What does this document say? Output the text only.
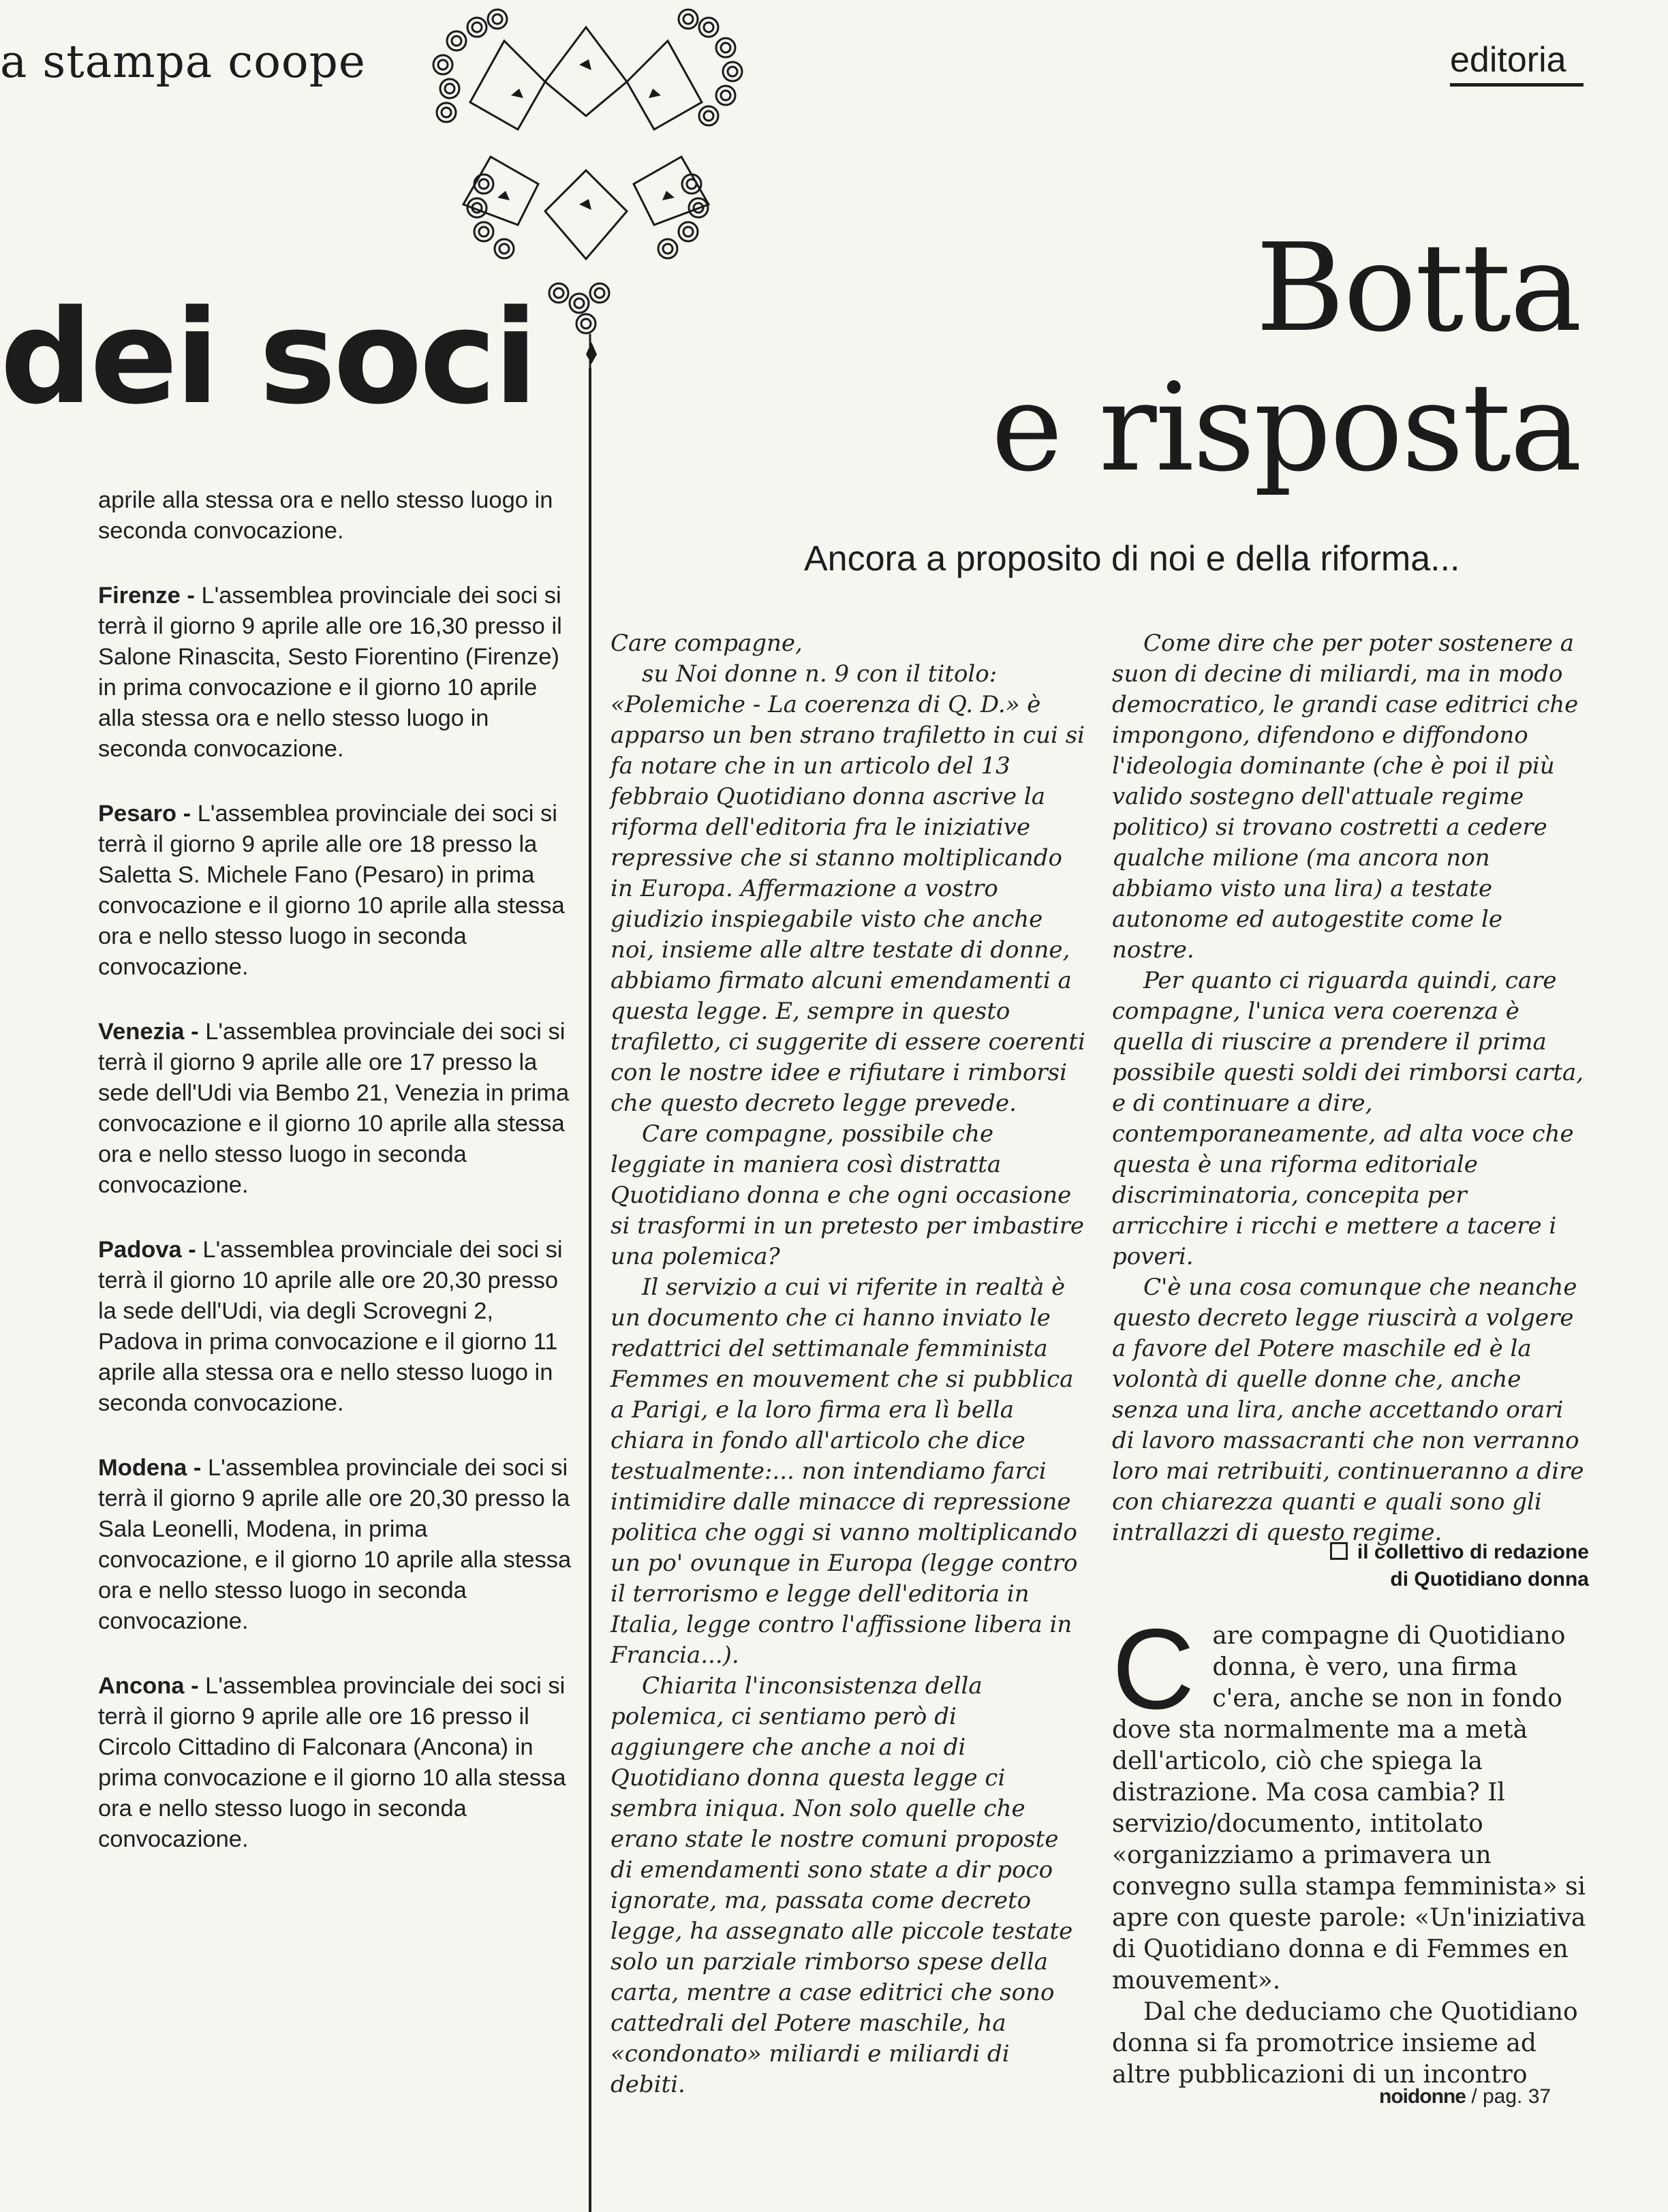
a stampa coope
dei soci
editoria
Botta
e risposta
Ancora a proposito di noi e della riforma...

aprile alla stessa ora e nello stesso luogo in seconda convocazione.

Firenze - L'assemblea provinciale dei soci si terrà il giorno 9 aprile alle ore 16,30 presso il Salone Rinascita, Sesto Fiorentino (Firenze) in prima convocazione e il giorno 10 aprile alla stessa ora e nello stesso luogo in seconda convocazione.

Pesaro - L'assemblea provinciale dei soci si terrà il giorno 9 aprile alle ore 18 presso la Saletta S. Michele Fano (Pesaro) in prima convocazione e il giorno 10 aprile alla stessa ora e nello stesso luogo in seconda convocazione.

Venezia - L'assemblea provinciale dei soci si terrà il giorno 9 aprile alle ore 17 presso la sede dell'Udi via Bembo 21, Venezia in prima convocazione e il giorno 10 aprile alla stessa ora e nello stesso luogo in seconda convocazione.

Padova - L'assemblea provinciale dei soci si terrà il giorno 10 aprile alle ore 20,30 presso la sede dell'Udi, via degli Scrovegni 2, Padova in prima convocazione e il giorno 11 aprile alla stessa ora e nello stesso luogo in seconda convocazione.

Modena - L'assemblea provinciale dei soci si terrà il giorno 9 aprile alle ore 20,30 presso la Sala Leonelli, Modena, in prima convocazione, e il giorno 10 aprile alla stessa ora e nello stesso luogo in seconda convocazione.

Ancona - L'assemblea provinciale dei soci si terrà il giorno 9 aprile alle ore 16 presso il Circolo Cittadino di Falconara (Ancona) in prima convocazione e il giorno 10 alla stessa ora e nello stesso luogo in seconda convocazione.

Care compagne,

su Noi donne n. 9 con il titolo: «Polemiche - La coerenza di Q. D.» è apparso un ben strano trafiletto in cui si fa notare che in un articolo del 13 febbraio Quotidiano donna ascrive la riforma dell'editoria fra le iniziative repressive che si stanno moltiplicando in Europa. Affermazione a vostro giudizio inspiegabile visto che anche noi, insieme alle altre testate di donne, abbiamo firmato alcuni emendamenti a questa legge. E, sempre in questo trafiletto, ci suggerite di essere coerenti con le nostre idee e rifiutare i rimborsi che questo decreto legge prevede.

Care compagne, possibile che leggiate in maniera così distratta Quotidiano donna e che ogni occasione si trasformi in un pretesto per imbastire una polemica?

Il servizio a cui vi riferite in realtà è un documento che ci hanno inviato le redattrici del settimanale femminista Femmes en mouvement che si pubblica a Parigi, e la loro firma era lì bella chiara in fondo all'articolo che dice testualmente:... non intendiamo farci intimidire dalle minacce di repressione politica che oggi si vanno moltiplicando un po' ovunque in Europa (legge contro il terrorismo e legge dell'editoria in Italia, legge contro l'affissione libera in Francia...).

Chiarita l'inconsistenza della polemica, ci sentiamo però di aggiungere che anche a noi di Quotidiano donna questa legge ci sembra iniqua. Non solo quelle che erano state le nostre comuni proposte di emendamenti sono state a dir poco ignorate, ma, passata come decreto legge, ha assegnato alle piccole testate solo un parziale rimborso spese della carta, mentre a case editrici che sono cattedrali del Potere maschile, ha «condonato» miliardi e miliardi di debiti.

Come dire che per poter sostenere a suon di decine di miliardi, ma in modo democratico, le grandi case editrici che impongono, difendono e diffondono l'ideologia dominante (che è poi il più valido sostegno dell'attuale regime politico) si trovano costretti a cedere qualche milione (ma ancora non abbiamo visto una lira) a testate autonome ed autogestite come le nostre.

Per quanto ci riguarda quindi, care compagne, l'unica vera coerenza è quella di riuscire a prendere il prima possibile questi soldi dei rimborsi carta, e di continuare a dire, contemporaneamente, ad alta voce che questa è una riforma editoriale discriminatoria, concepita per arricchire i ricchi e mettere a tacere i poveri.

C'è una cosa comunque che neanche questo decreto legge riuscirà a volgere a favore del Potere maschile ed è la volontà di quelle donne che, anche senza una lira, anche accettando orari di lavoro massacranti che non verranno loro mai retribuiti, continueranno a dire con chiarezza quanti e quali sono gli intrallazzi di questo regime.

il collettivo di redazione
di Quotidiano donna
C are compagne di Quotidiano donna, è vero, una firma c'era, anche se non in fondo dove sta normalmente ma a metà dell'articolo, ciò che spiega la distrazione. Ma cosa cambia? Il servizio/documento, intitolato «organizziamo a primavera un convegno sulla stampa femminista» si apre con queste parole: «Un'iniziativa di Quotidiano donna e di Femmes en mouvement».

Dal che deduciamo che Quotidiano donna si fa promotrice insieme ad altre pubblicazioni di un incontro

noidonne / pag. 37
